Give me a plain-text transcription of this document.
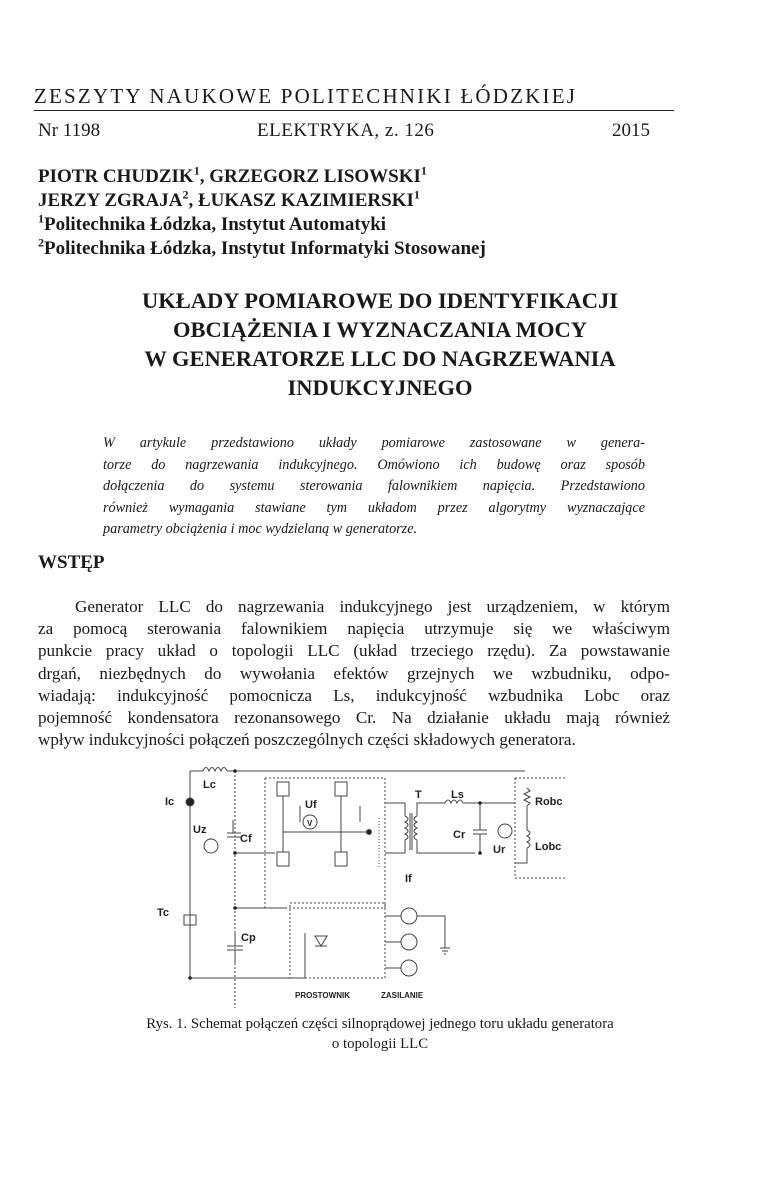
ZESZYTY NAUKOWE POLITECHNIKI ŁÓDZKIEJ
Nr 1198	ELEKTRYKA, z. 126	2015
PIOTR CHUDZIK$^1$, GRZEGORZ LISOWSKI$^1$
JERZY ZGRAJA$^2$, ŁUKASZ KAZIMIERSKI$^1$
$^1$Politechnika Łódzka, Instytut Automatyki
$^2$Politechnika Łódzka, Instytut Informatyki Stosowanej
UKŁADY POMIAROWE DO IDENTYFIKACJI
OBCIĄŻENIA I WYZNACZANIA MOCY
W GENERATORZE LLC DO NAGRZEWANIA
INDUKCYJNEGO
W artykule przedstawiono układy pomiarowe zastosowane w genera-
torze do nagrzewania indukcyjnego. Omówiono ich budowę oraz sposób
dołączenia do systemu sterowania falownikiem napięcia. Przedstawiono
również wymagania stawiane tym układom przez algorytmy wyznaczające
parametry obciążenia i moc wydzielaną w generatorze.
WSTĘP
Generator LLC do nagrzewania indukcyjnego jest urządzeniem, w którym
za pomocą sterowania falownikiem napięcia utrzymuje się we właściwym
punkcie pracy układ o topologii LLC (układ trzeciego rzędu). Za powstawanie
drgań, niezbędnych do wywołania efektów grzejnych we wzbudniku, odpo-
wiadają: indukcyjność pomocnicza Ls, indukcyjność wzbudnika Lobc oraz
pojemność kondensatora rezonansowego Cr. Na działanie układu mają również
wpływ indukcyjności połączeń poszczególnych części składowych generatora.
Lc
Ic
Uz
Cf
Uf
V
T	Ls
Cr
Ur
Robc
Lobc
If
Tc
Cp
PROSTOWNIK	ZASILANIE
Rys. 1. Schemat połączeń części silnoprądowej jednego toru układu generatora
o topologii LLC
